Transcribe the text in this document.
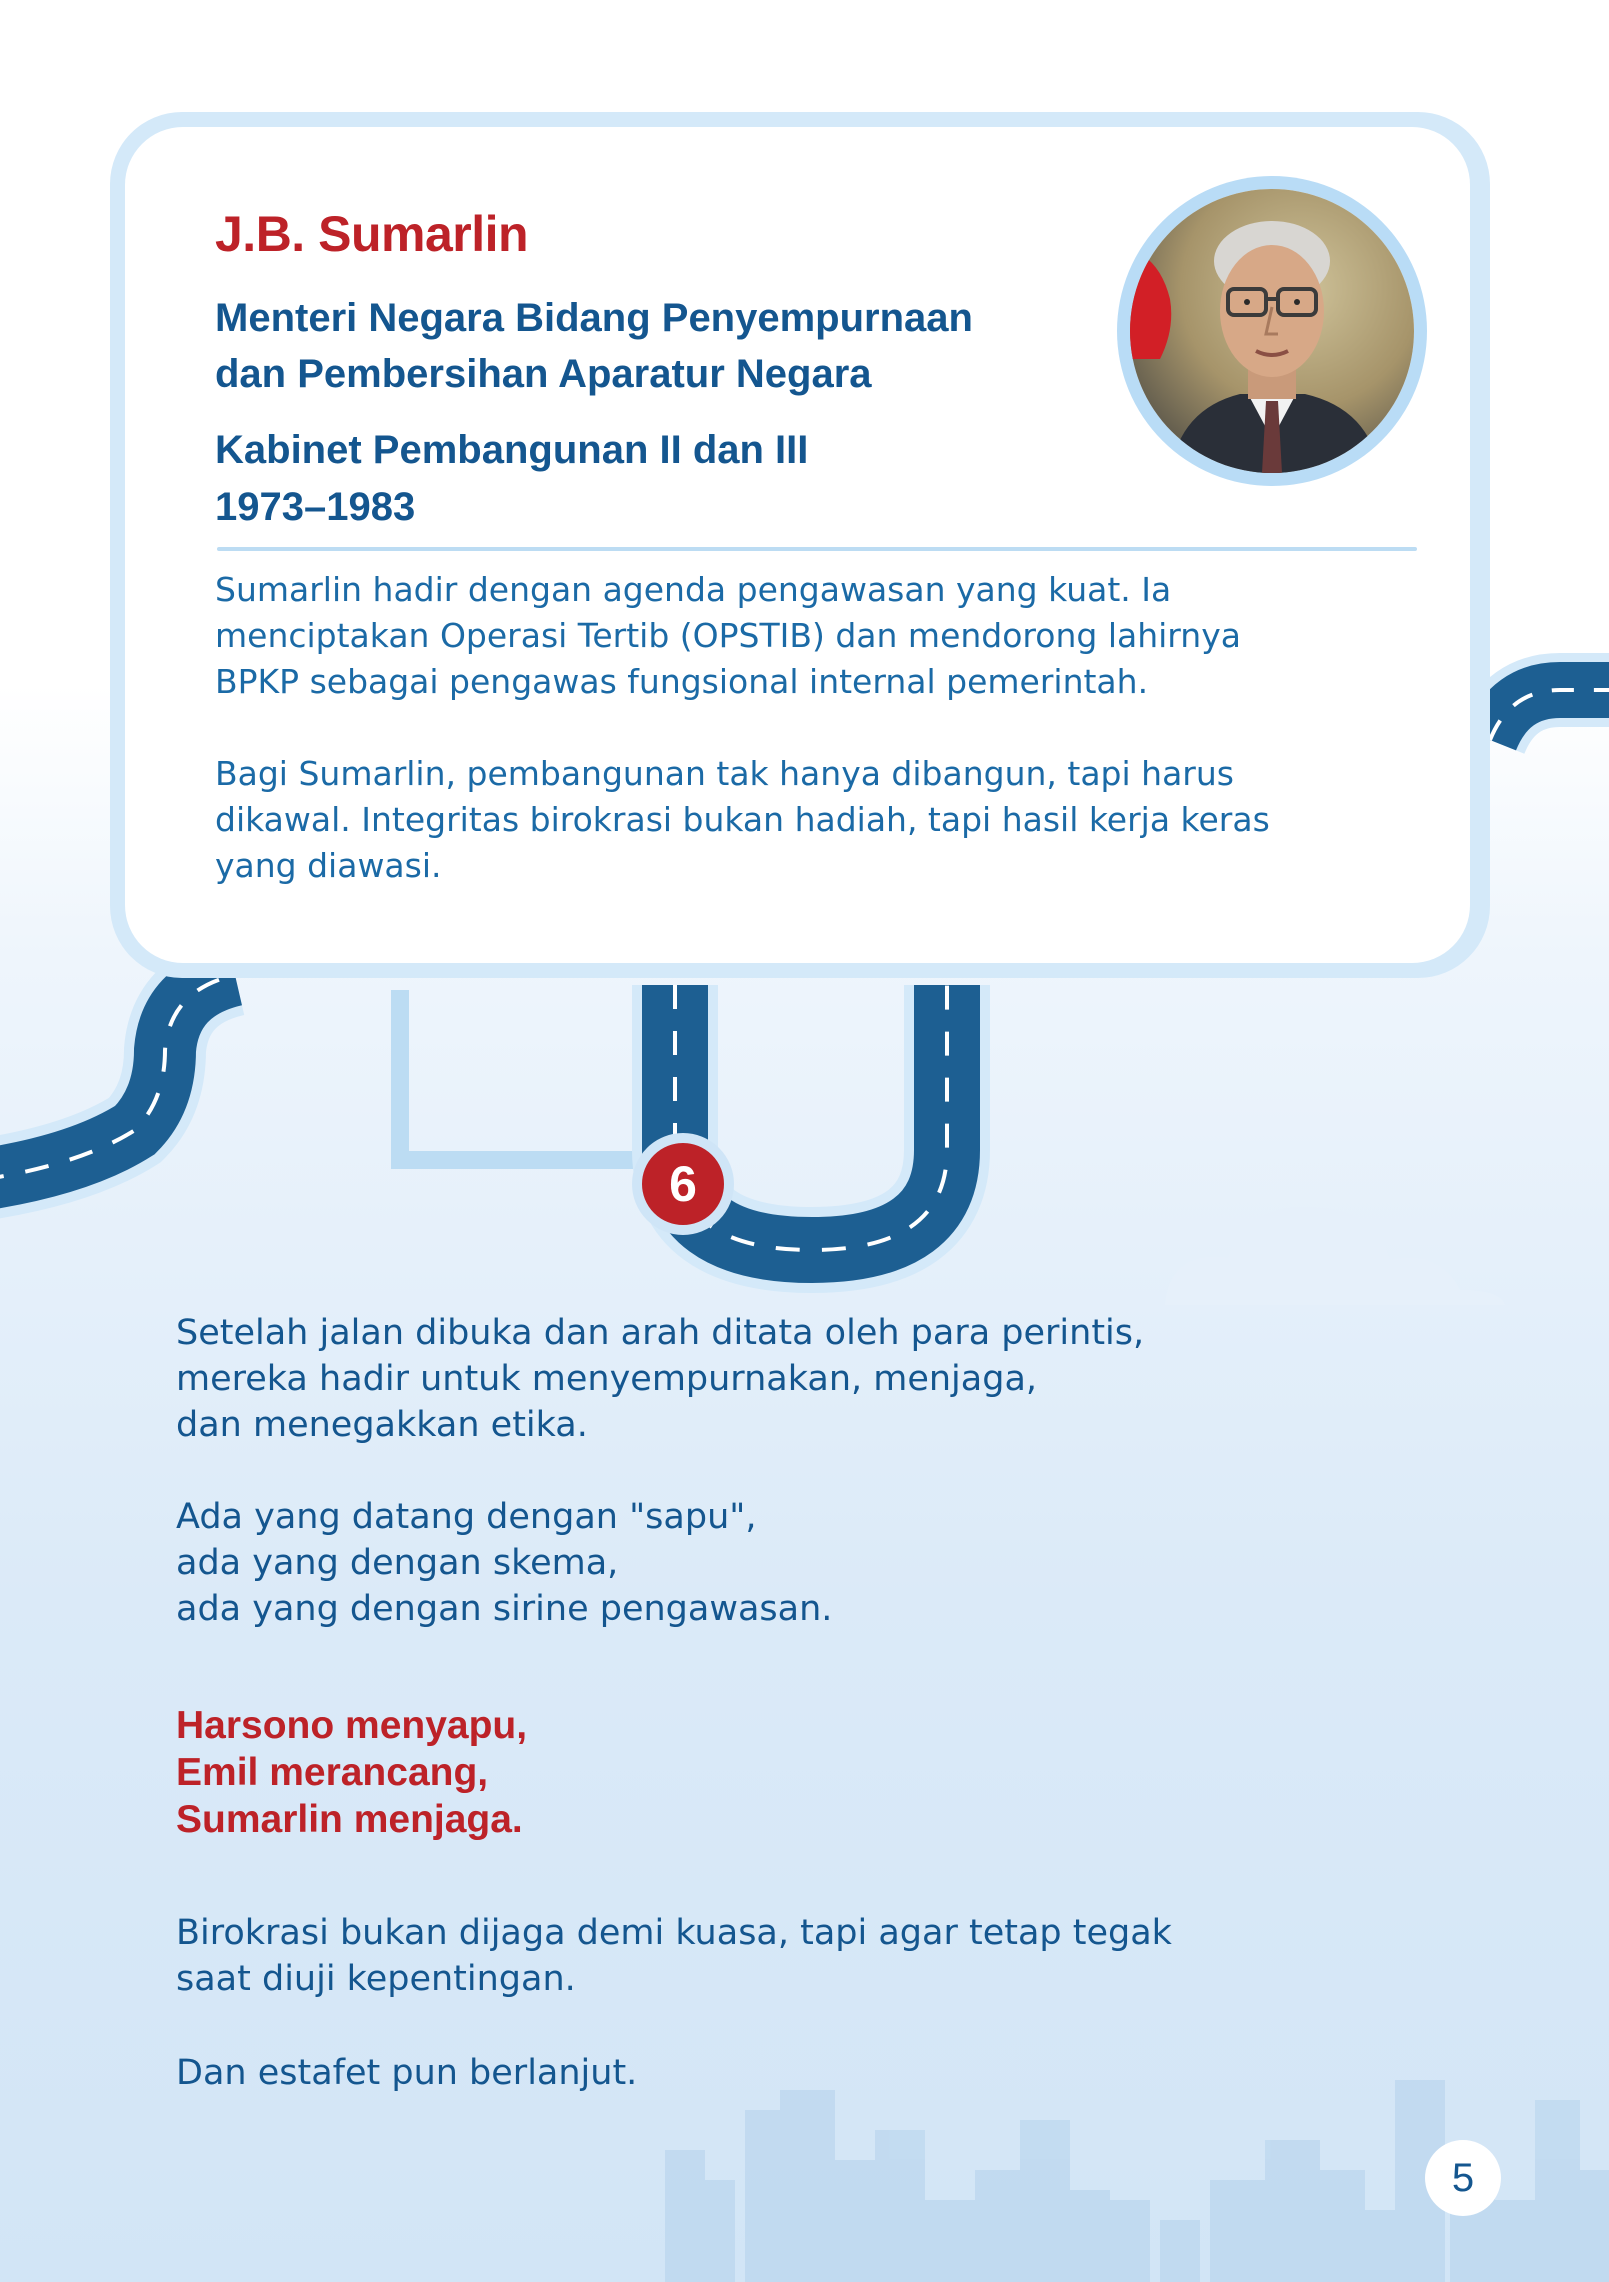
J.B. Sumarlin
Menteri Negara Bidang Penyempurnaan
dan Pembersihan Aparatur Negara
Kabinet Pembangunan II dan III
1973–1983

Sumarlin hadir dengan agenda pengawasan yang kuat. Ia
menciptakan Operasi Tertib (OPSTIB) dan mendorong lahirnya
BPKP sebagai pengawas fungsional internal pemerintah.

Bagi Sumarlin, pembangunan tak hanya dibangun, tapi harus
dikawal. Integritas birokrasi bukan hadiah, tapi hasil kerja keras
yang diawasi.

6

Setelah jalan dibuka dan arah ditata oleh para perintis,
mereka hadir untuk menyempurnakan, menjaga,
dan menegakkan etika.

Ada yang datang dengan "sapu",
ada yang dengan skema,
ada yang dengan sirine pengawasan.

Harsono menyapu,
Emil merancang,
Sumarlin menjaga.

Birokrasi bukan dijaga demi kuasa, tapi agar tetap tegak
saat diuji kepentingan.

Dan estafet pun berlanjut.

5
